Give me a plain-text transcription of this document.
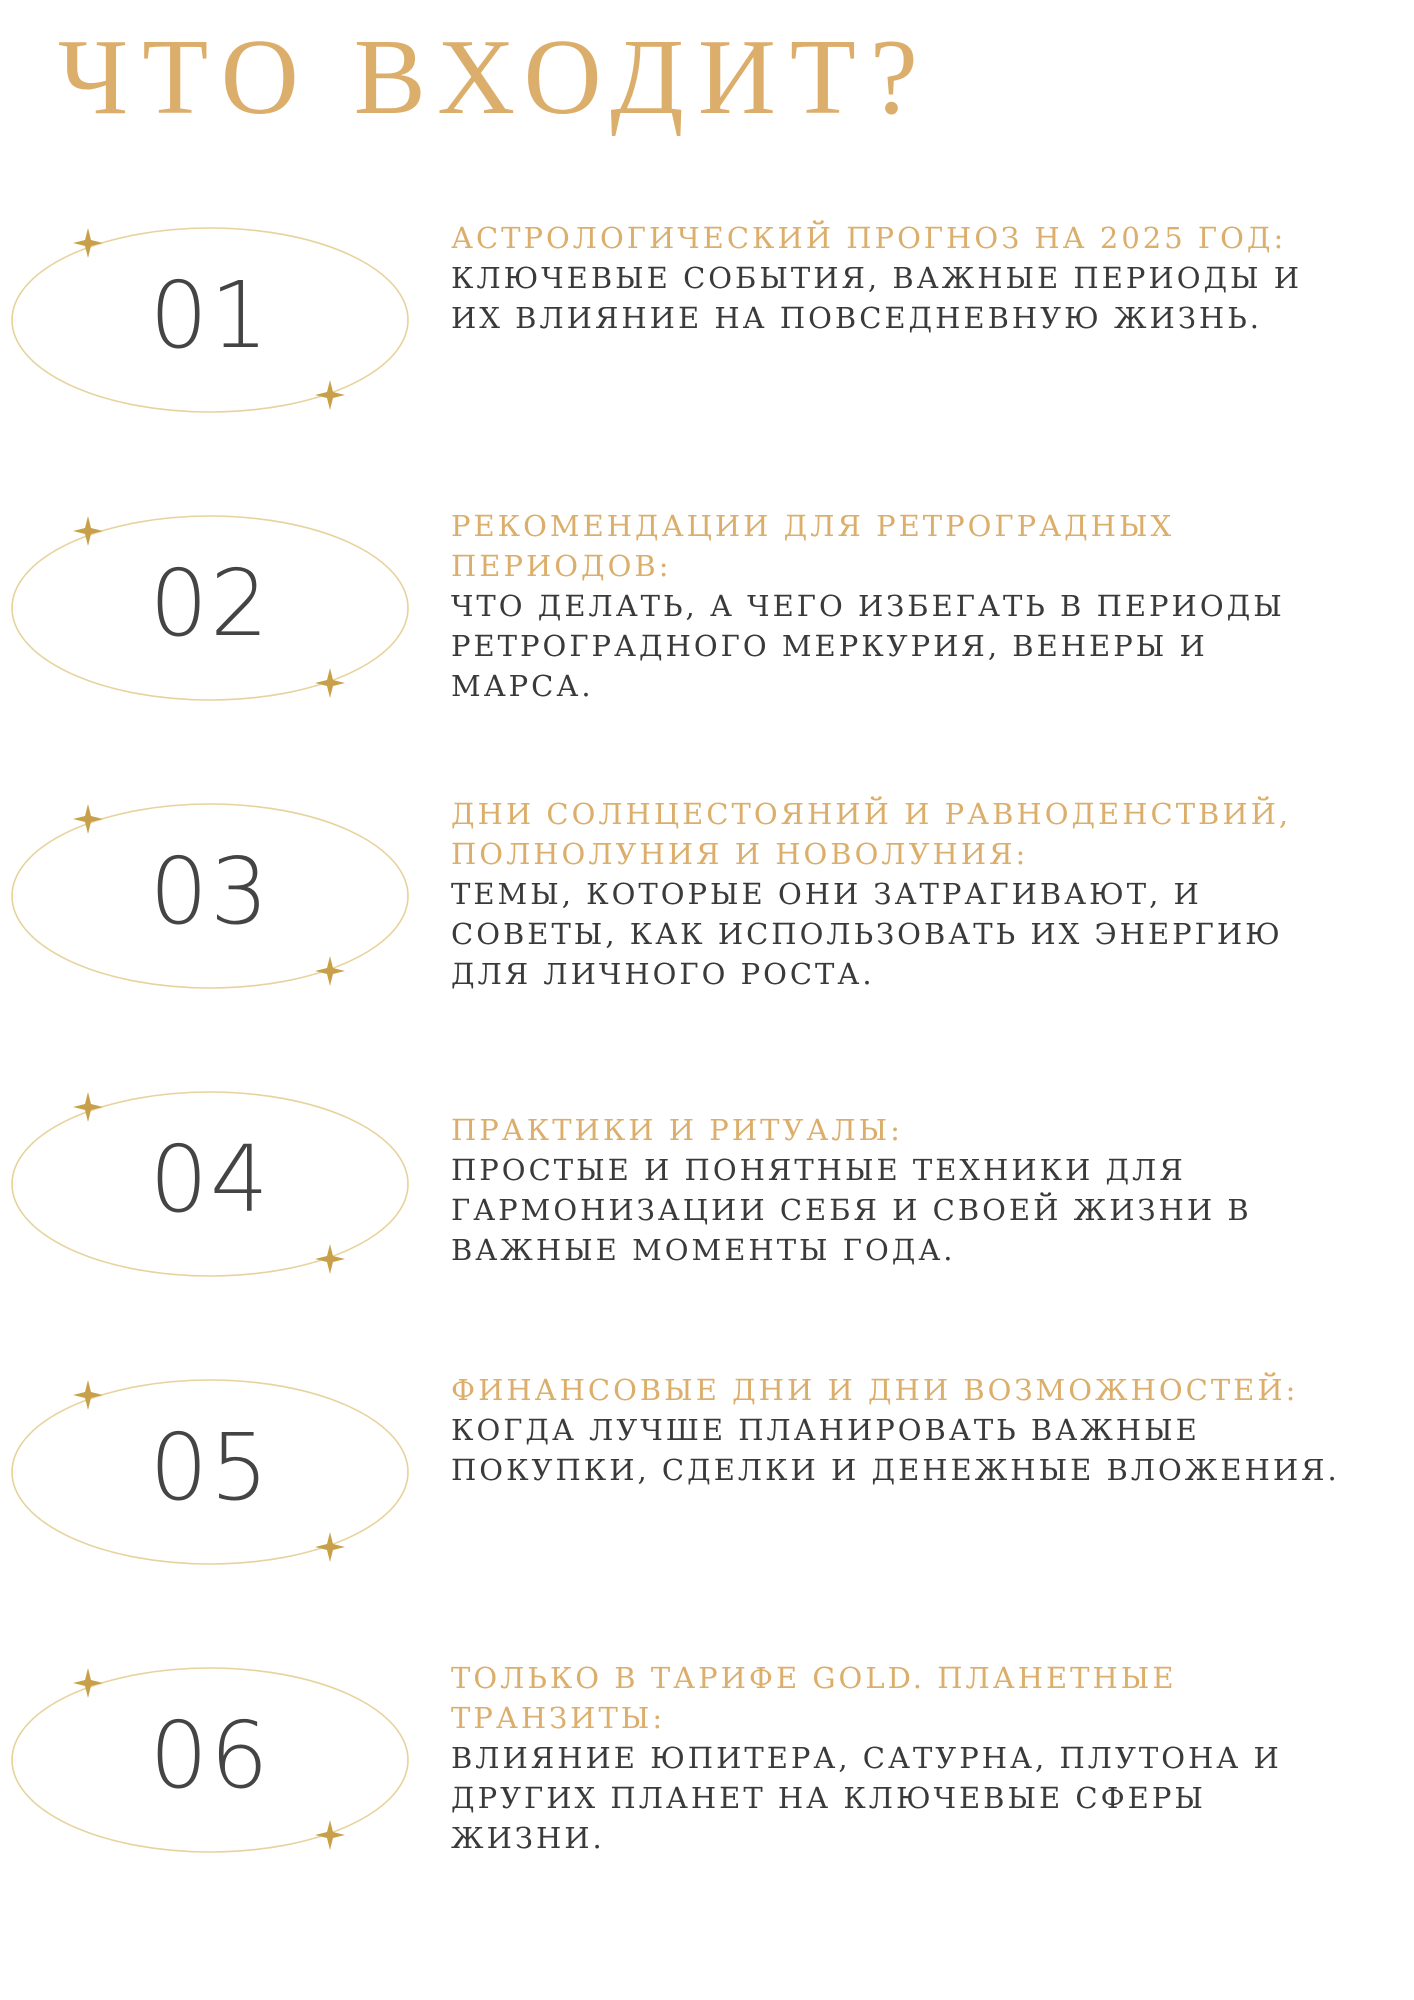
ЧТО ВХОДИТ?
01

АСТРОЛОГИЧЕСКИЙ ПРОГНОЗ НА 2025 ГОД:

КЛЮЧЕВЫЕ СОБЫТИЯ, ВАЖНЫЕ ПЕРИОДЫ И ИХ ВЛИЯНИЕ НА ПОВСЕДНЕВНУЮ ЖИЗНЬ.

02

РЕКОМЕНДАЦИИ ДЛЯ РЕТРОГРАДНЫХ ПЕРИОДОВ:

ЧТО ДЕЛАТЬ, А ЧЕГО ИЗБЕГАТЬ В ПЕРИОДЫ РЕТРОГРАДНОГО МЕРКУРИЯ, ВЕНЕРЫ И МАРСА.

03

ДНИ СОЛНЦЕСТОЯНИЙ И РАВНОДЕНСТВИЙ, ПОЛНОЛУНИЯ И НОВОЛУНИЯ:

ТЕМЫ, КОТОРЫЕ ОНИ ЗАТРАГИВАЮТ, И СОВЕТЫ, КАК ИСПОЛЬЗОВАТЬ ИХ ЭНЕРГИЮ ДЛЯ ЛИЧНОГО РОСТА.

04	ПРАКТИКИ И РИТУАЛЫ:

ПРОСТЫЕ И ПОНЯТНЫЕ ТЕХНИКИ ДЛЯ ГАРМОНИЗАЦИИ СЕБЯ И СВОЕЙ ЖИЗНИ В ВАЖНЫЕ МОМЕНТЫ ГОДА.

05

ФИНАНСОВЫЕ ДНИ И ДНИ ВОЗМОЖНОСТЕЙ:

КОГДА ЛУЧШЕ ПЛАНИРОВАТЬ ВАЖНЫЕ ПОКУПКИ, СДЕЛКИ И ДЕНЕЖНЫЕ ВЛОЖЕНИЯ.

06

ТОЛЬКО В ТАРИФЕ GOLD. ПЛАНЕТНЫЕ ТРАНЗИТЫ:

ВЛИЯНИЕ ЮПИТЕРА, САТУРНА, ПЛУТОНА И ДРУГИХ ПЛАНЕТ НА КЛЮЧЕВЫЕ СФЕРЫ ЖИЗНИ.
